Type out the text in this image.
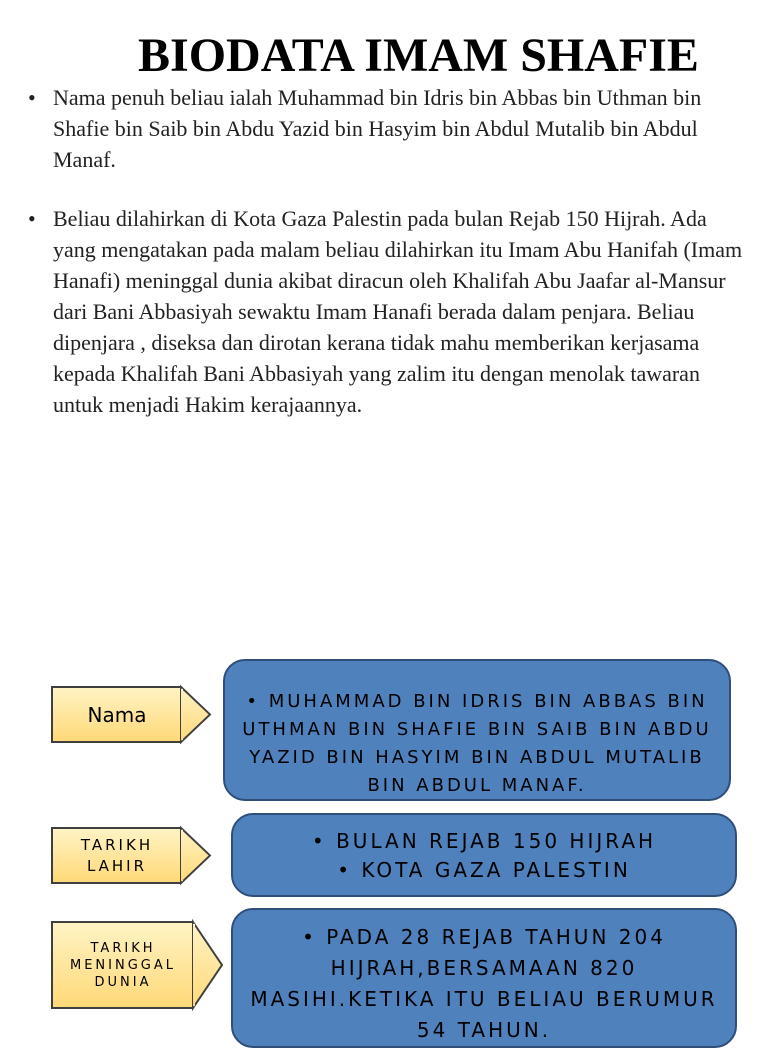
BIODATA IMAM SHAFIE
• Nama penuh beliau ialah Muhammad bin Idris bin Abbas bin Uthman bin Shafie bin Saib bin Abdu Yazid bin Hasyim bin Abdul Mutalib bin Abdul Manaf.
• Beliau dilahirkan di Kota Gaza Palestin pada bulan Rejab 150 Hijrah. Ada yang mengatakan pada malam beliau dilahirkan itu Imam Abu Hanifah (Imam Hanafi) meninggal dunia akibat diracun oleh Khalifah Abu Jaafar al-Mansur dari Bani Abbasiyah sewaktu Imam Hanafi berada dalam penjara. Beliau dipenjara , diseksa dan dirotan kerana tidak mahu memberikan kerjasama kepada Khalifah Bani Abbasiyah yang zalim itu dengan menolak tawaran untuk menjadi Hakim kerajaannya.
Nama

• MUHAMMAD BIN IDRIS BIN ABBAS BIN UTHMAN BIN SHAFIE BIN SAIB BIN ABDU YAZID BIN HASYIM BIN ABDUL MUTALIB BIN ABDUL MANAF.

TARIKH
LAHIR

• BULAN REJAB 150 HIJRAH

• KOTA GAZA PALESTIN

TARIKH
MENINGGAL
DUNIA

• PADA 28 REJAB TAHUN 204 HIJRAH,BERSAMAAN 820 MASIHI.KETIKA ITU BELIAU BERUMUR 54 TAHUN.
